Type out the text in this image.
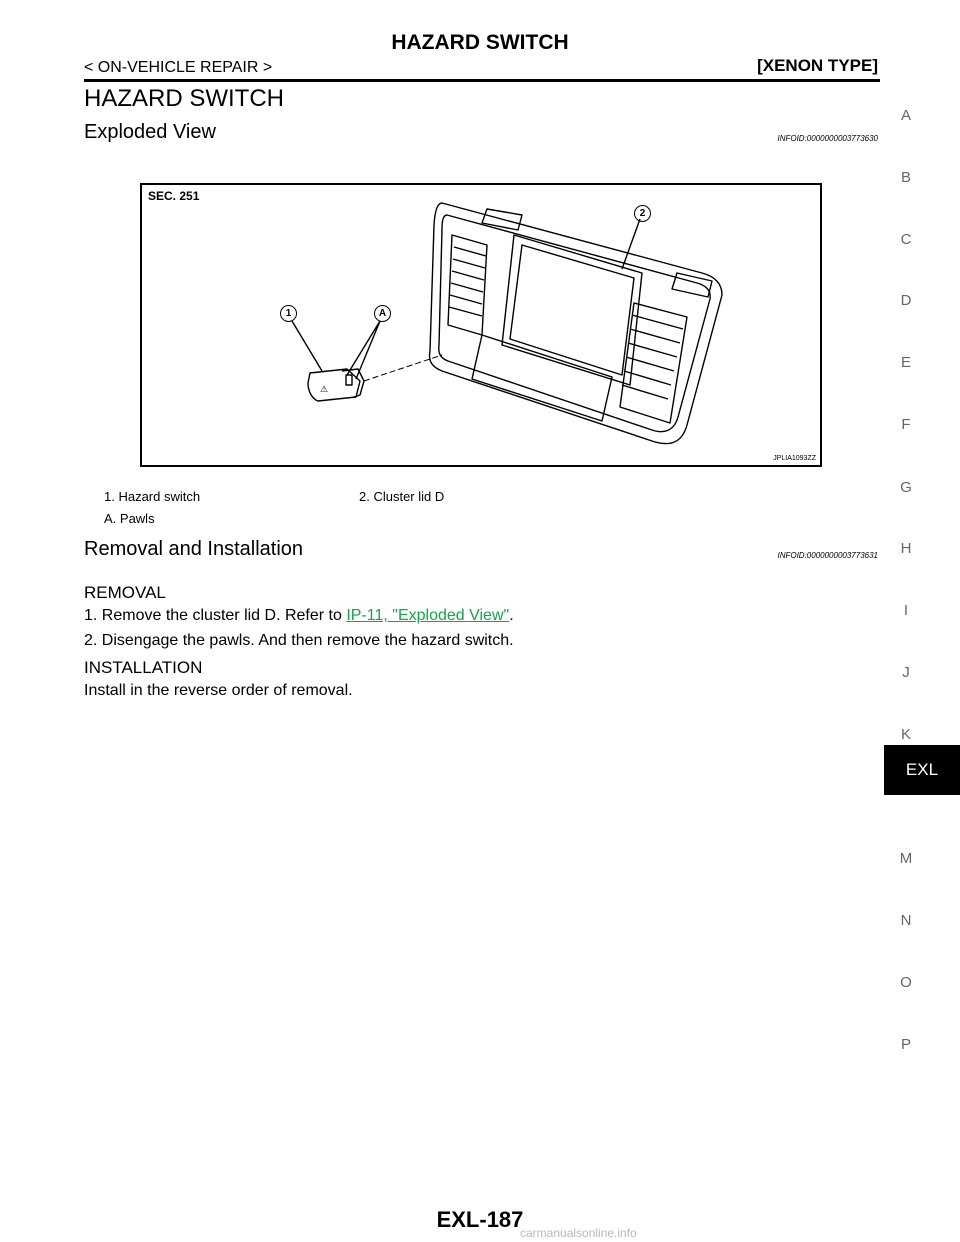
HAZARD SWITCH
< ON-VEHICLE REPAIR >	[XENON TYPE]
HAZARD SWITCH
Exploded View	INFOID:0000000003773630
SEC. 251
⚠
1	A
2
JPLIA1093ZZ
1. Hazard switch	2. Cluster lid D
A. Pawls
Removal and Installation	INFOID:0000000003773631
REMOVAL
1. Remove the cluster lid D. Refer to IP-11, "Exploded View".
2. Disengage the pawls. And then remove the hazard switch.
INSTALLATION
Install in the reverse order of removal.
A
B
C
D
E
F
G
H
I
J
K
EXL
M
N
O
P
EXL-187
carmanualsonline.info
